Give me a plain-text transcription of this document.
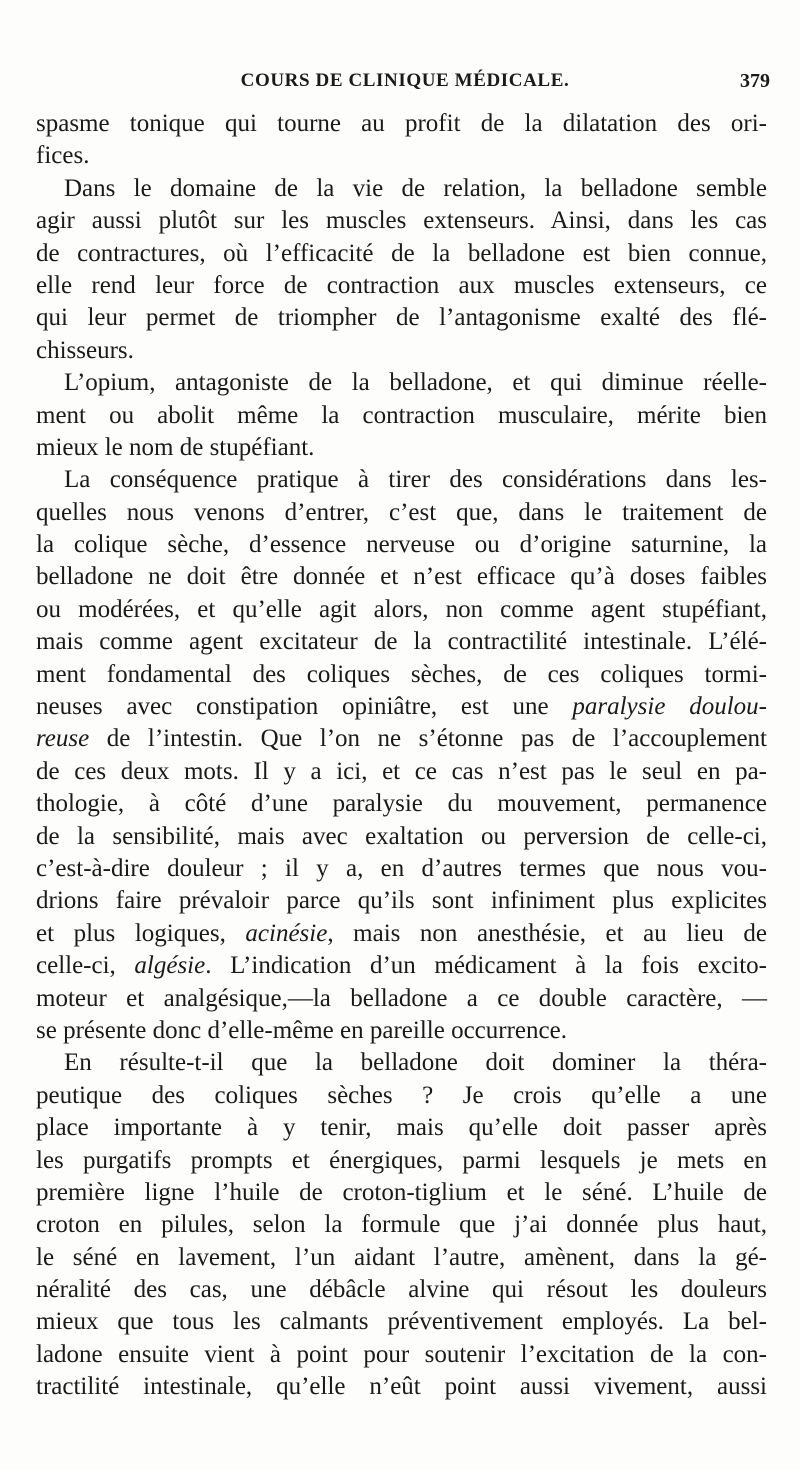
COURS DE CLINIQUE MÉDICALE.	379
spasme tonique qui tourne au profit de la dilatation des ori-
fices.
Dans le domaine de la vie de relation, la belladone semble
agir aussi plutôt sur les muscles extenseurs. Ainsi, dans les cas
de contractures, où l’efficacité de la belladone est bien connue,
elle rend leur force de contraction aux muscles extenseurs, ce
qui leur permet de triompher de l’antagonisme exalté des flé-
chisseurs.
L’opium, antagoniste de la belladone, et qui diminue réelle-
ment ou abolit même la contraction musculaire, mérite bien
mieux le nom de stupéfiant.
La conséquence pratique à tirer des considérations dans les-
quelles nous venons d’entrer, c’est que, dans le traitement de
la colique sèche, d’essence nerveuse ou d’origine saturnine, la
belladone ne doit être donnée et n’est efficace qu’à doses faibles
ou modérées, et qu’elle agit alors, non comme agent stupéfiant,
mais comme agent excitateur de la contractilité intestinale. L’élé-
ment fondamental des coliques sèches, de ces coliques tormi-
neuses avec constipation opiniâtre, est une paralysie doulou-
reuse de l’intestin. Que l’on ne s’étonne pas de l’accouplement
de ces deux mots. Il y a ici, et ce cas n’est pas le seul en pa-
thologie, à côté d’une paralysie du mouvement, permanence
de la sensibilité, mais avec exaltation ou perversion de celle-ci,
c’est-à-dire douleur ; il y a, en d’autres termes que nous vou-
drions faire prévaloir parce qu’ils sont infiniment plus explicites
et plus logiques, acinésie, mais non anesthésie, et au lieu de
celle-ci, algésie. L’indication d’un médicament à la fois excito-
moteur et analgésique,—la belladone a ce double caractère, —
se présente donc d’elle-même en pareille occurrence.
En résulte-t-il que la belladone doit dominer la théra-
peutique des coliques sèches ? Je crois qu’elle a une
place importante à y tenir, mais qu’elle doit passer après
les purgatifs prompts et énergiques, parmi lesquels je mets en
première ligne l’huile de croton-tiglium et le séné. L’huile de
croton en pilules, selon la formule que j’ai donnée plus haut,
le séné en lavement, l’un aidant l’autre, amènent, dans la gé-
néralité des cas, une débâcle alvine qui résout les douleurs
mieux que tous les calmants préventivement employés. La bel-
ladone ensuite vient à point pour soutenir l’excitation de la con-
tractilité intestinale, qu’elle n’eût point aussi vivement, aussi
